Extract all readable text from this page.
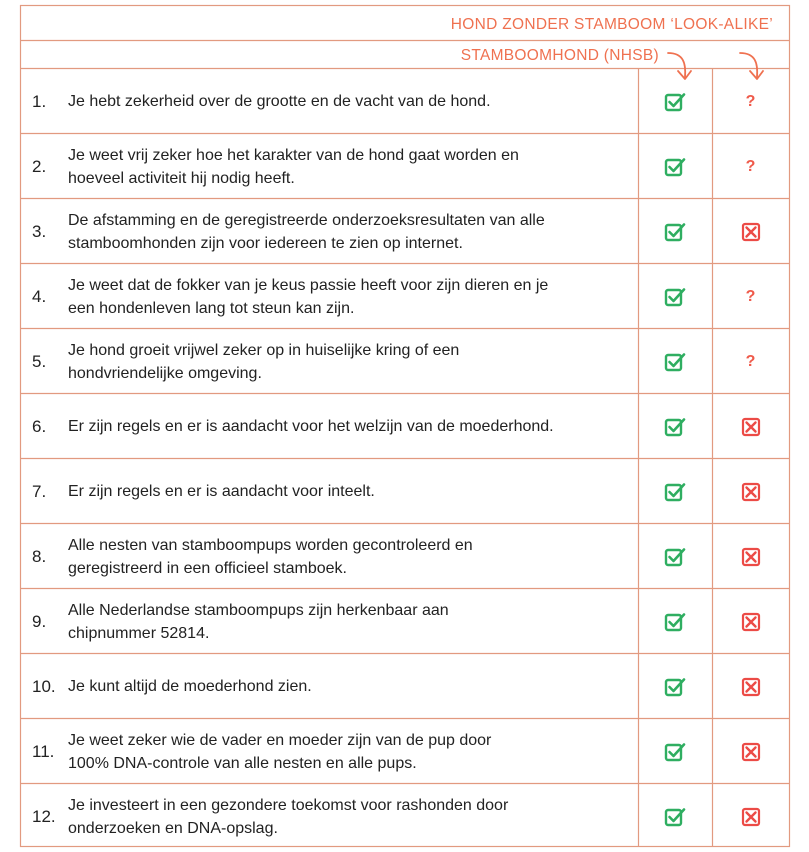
HOND ZONDER STAMBOOM ‘LOOK-ALIKE’
STAMBOOMHOND (NHSB)
1. Je hebt zekerheid over de grootte en de vacht van de hond.	?
2.
Je weet vrij zeker hoe het karakter van de hond gaat worden en
hoeveel activiteit hij nodig heeft.
?
3.
De afstamming en de geregistreerde onderzoeksresultaten van alle
stamboomhonden zijn voor iedereen te zien op internet.
4.
Je weet dat de fokker van je keus passie heeft voor zijn dieren en je
een hondenleven lang tot steun kan zijn.
?
5.
Je hond groeit vrijwel zeker op in huiselijke kring of een
hondvriendelijke omgeving.
?
6. Er zijn regels en er is aandacht voor het welzijn van de moederhond.
7. Er zijn regels en er is aandacht voor inteelt.
8.
Alle nesten van stamboompups worden gecontroleerd en
geregistreerd in een officieel stamboek.
9.
Alle Nederlandse stamboompups zijn herkenbaar aan
chipnummer 52814.
10. Je kunt altijd de moederhond zien.
11.
Je weet zeker wie de vader en moeder zijn van de pup door
100% DNA-controle van alle nesten en alle pups.
12.
Je investeert in een gezondere toekomst voor rashonden door
onderzoeken en DNA-opslag.
